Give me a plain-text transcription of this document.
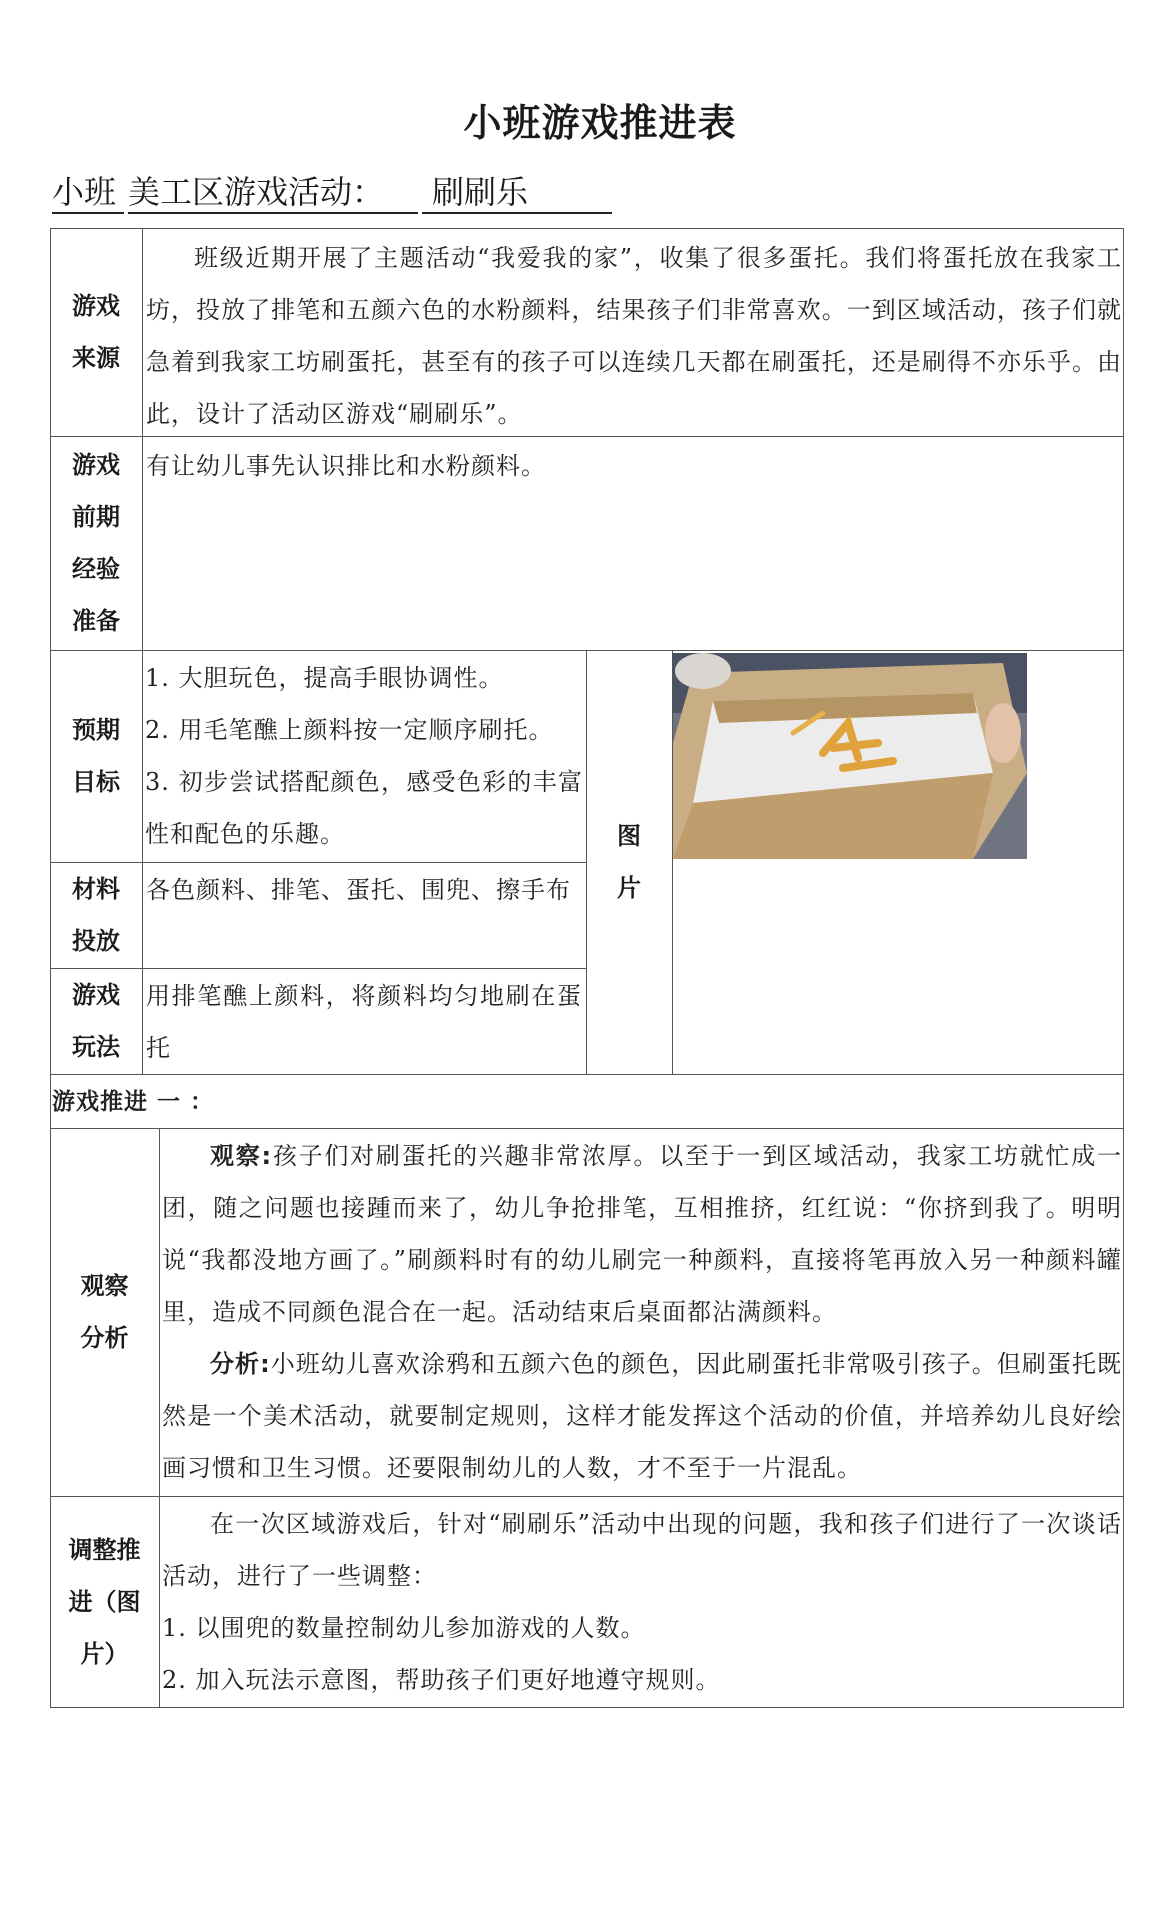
小班游戏推进表
小班 美工区游戏活动： 刷刷乐
游戏来源
班级近期开展了主题活动“我爱我的家”，收集了很多蛋托。我们将蛋托放在我家工坊，投放了排笔和五颜六色的水粉颜料，结果孩子们非常喜欢。一到区域活动，孩子们就急着到我家工坊刷蛋托，甚至有的孩子可以连续几天都在刷蛋托，还是刷得不亦乐乎。由此，设计了活动区游戏“刷刷乐”。
游戏前期经验准备
有让幼儿事先认识排比和水粉颜料。
预期目标

1. 大胆玩色，提高手眼协调性。

2. 用毛笔醮上颜料按一定顺序刷托。

3. 初步尝试搭配颜色，感受色彩的丰富性和配色的乐趣。

材料投放
各色颜料、排笔、蛋托、围兜、擦手布
游戏玩法
用排笔醮上颜料，将颜料均匀地刷在蛋托
图片
游戏推进 一 ：
观察分析

观察:孩子们对刷蛋托的兴趣非常浓厚。以至于一到区域活动，我家工坊就忙成一团，随之问题也接踵而来了，幼儿争抢排笔，互相推挤，红红说：“你挤到我了。明明说“我都没地方画了。”刷颜料时有的幼儿刷完一种颜料，直接将笔再放入另一种颜料罐里，造成不同颜色混合在一起。活动结束后桌面都沾满颜料。

分析:小班幼儿喜欢涂鸦和五颜六色的颜色，因此刷蛋托非常吸引孩子。但刷蛋托既然是一个美术活动，就要制定规则，这样才能发挥这个活动的价值，并培养幼儿良好绘画习惯和卫生习惯。还要限制幼儿的人数，才不至于一片混乱。

调整推进（图片）

在一次区域游戏后，针对“刷刷乐”活动中出现的问题，我和孩子们进行了一次谈话活动，进行了一些调整：

1. 以围兜的数量控制幼儿参加游戏的人数。

2. 加入玩法示意图，帮助孩子们更好地遵守规则。
